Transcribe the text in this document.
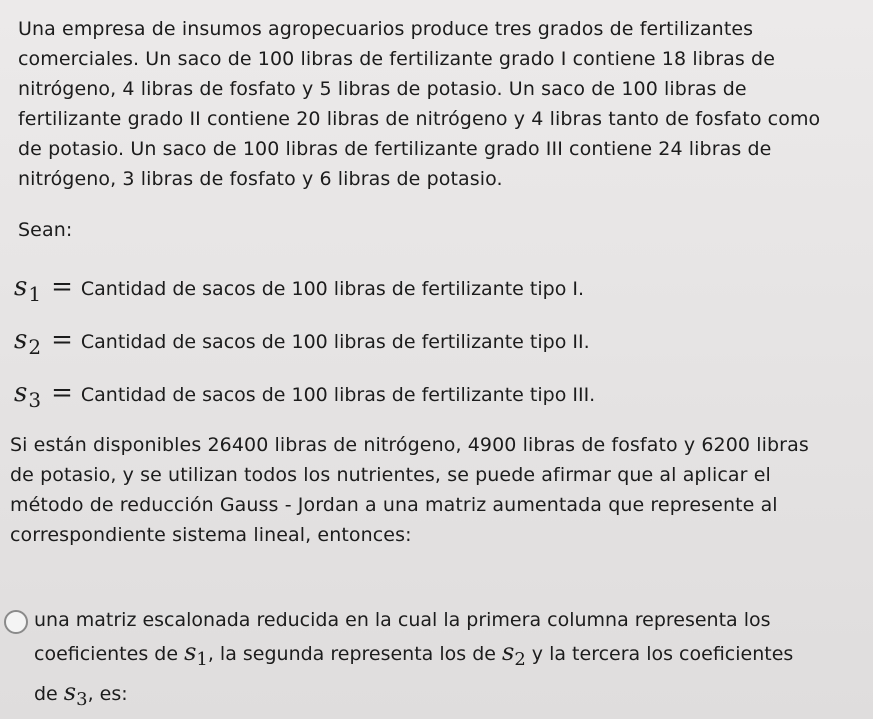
Una empresa de insumos agropecuarios produce tres grados de fertilizantes
comerciales. Un saco de 100 libras de fertilizante grado I contiene 18 libras de
nitrógeno, 4 libras de fosfato y 5 libras de potasio. Un saco de 100 libras de
fertilizante grado II contiene 20 libras de nitrógeno y 4 libras tanto de fosfato como
de potasio. Un saco de 100 libras de fertilizante grado III contiene 24 libras de
nitrógeno, 3 libras de fosfato y 6 libras de potasio.
Sean:
$s_1$ = Cantidad de sacos de 100 libras de fertilizante tipo I.
$s_2$ = Cantidad de sacos de 100 libras de fertilizante tipo II.
$s_3$ = Cantidad de sacos de 100 libras de fertilizante tipo III.
Si están disponibles 26400 libras de nitrógeno, 4900 libras de fosfato y 6200 libras
de potasio, y se utilizan todos los nutrientes, se puede afirmar que al aplicar el
método de reducción Gauss - Jordan a una matriz aumentada que represente al
correspondiente sistema lineal, entonces:
una matriz escalonada reducida en la cual la primera columna representa los
coeficientes de $s_1$, la segunda representa los de $s_2$ y la tercera los coeficientes
de $s_3$, es:
